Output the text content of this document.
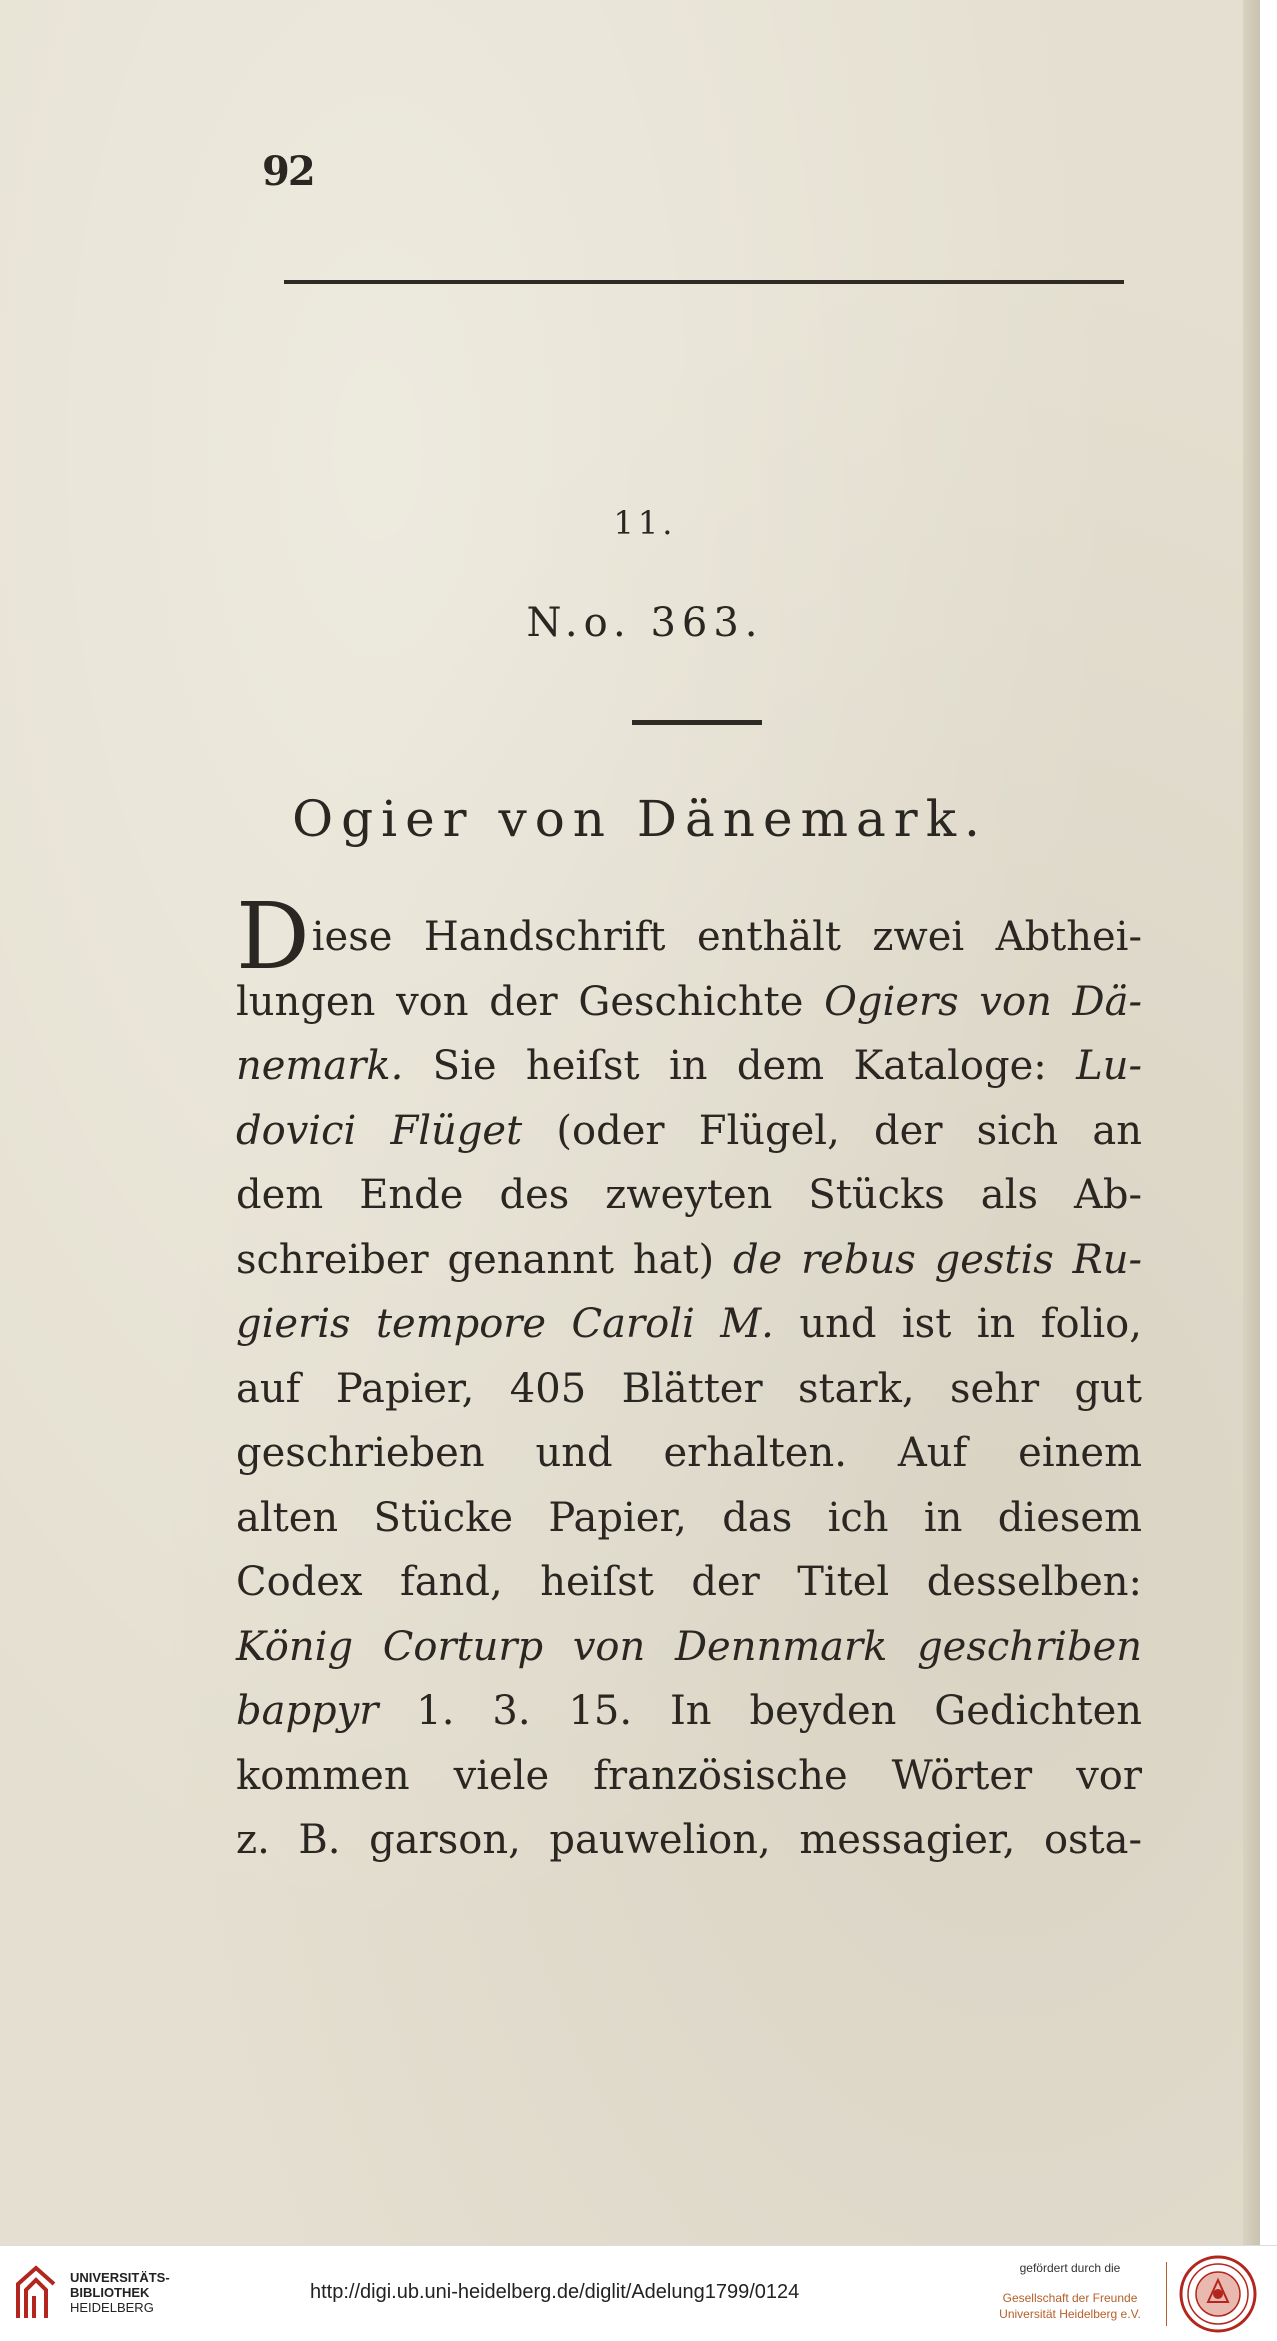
92
11.
N.o. 363.
Ogier von Dänemark.
D iese Handschrift enthält zwei Abthei-
lungen von der Geschichte Ogiers von Dä-
nemark. Sie heiſst in dem Kataloge: Lu-
dovici Flüget (oder Flügel, der sich an
dem Ende des zweyten Stücks als Ab-
schreiber genannt hat) de rebus gestis Ru-
gieris tempore Caroli M. und ist in folio,
auf Papier, 405 Blätter stark, sehr gut
geschrieben und erhalten. Auf einem
alten Stücke Papier, das ich in diesem
Codex fand, heiſst der Titel desselben:
König Corturp von Dennmark geschriben
bappyr 1. 3. 15. In beyden Gedichten
kommen viele französische Wörter vor
z. B. garson, pauwelion, messagier, osta-
UNIVERSITÄTS-
BIBLIOTHEK
HEIDELBERG
http://digi.ub.uni-heidelberg.de/diglit/Adelung1799/0124
gefördert durch die
Gesellschaft der Freunde
Universität Heidelberg e.V.
